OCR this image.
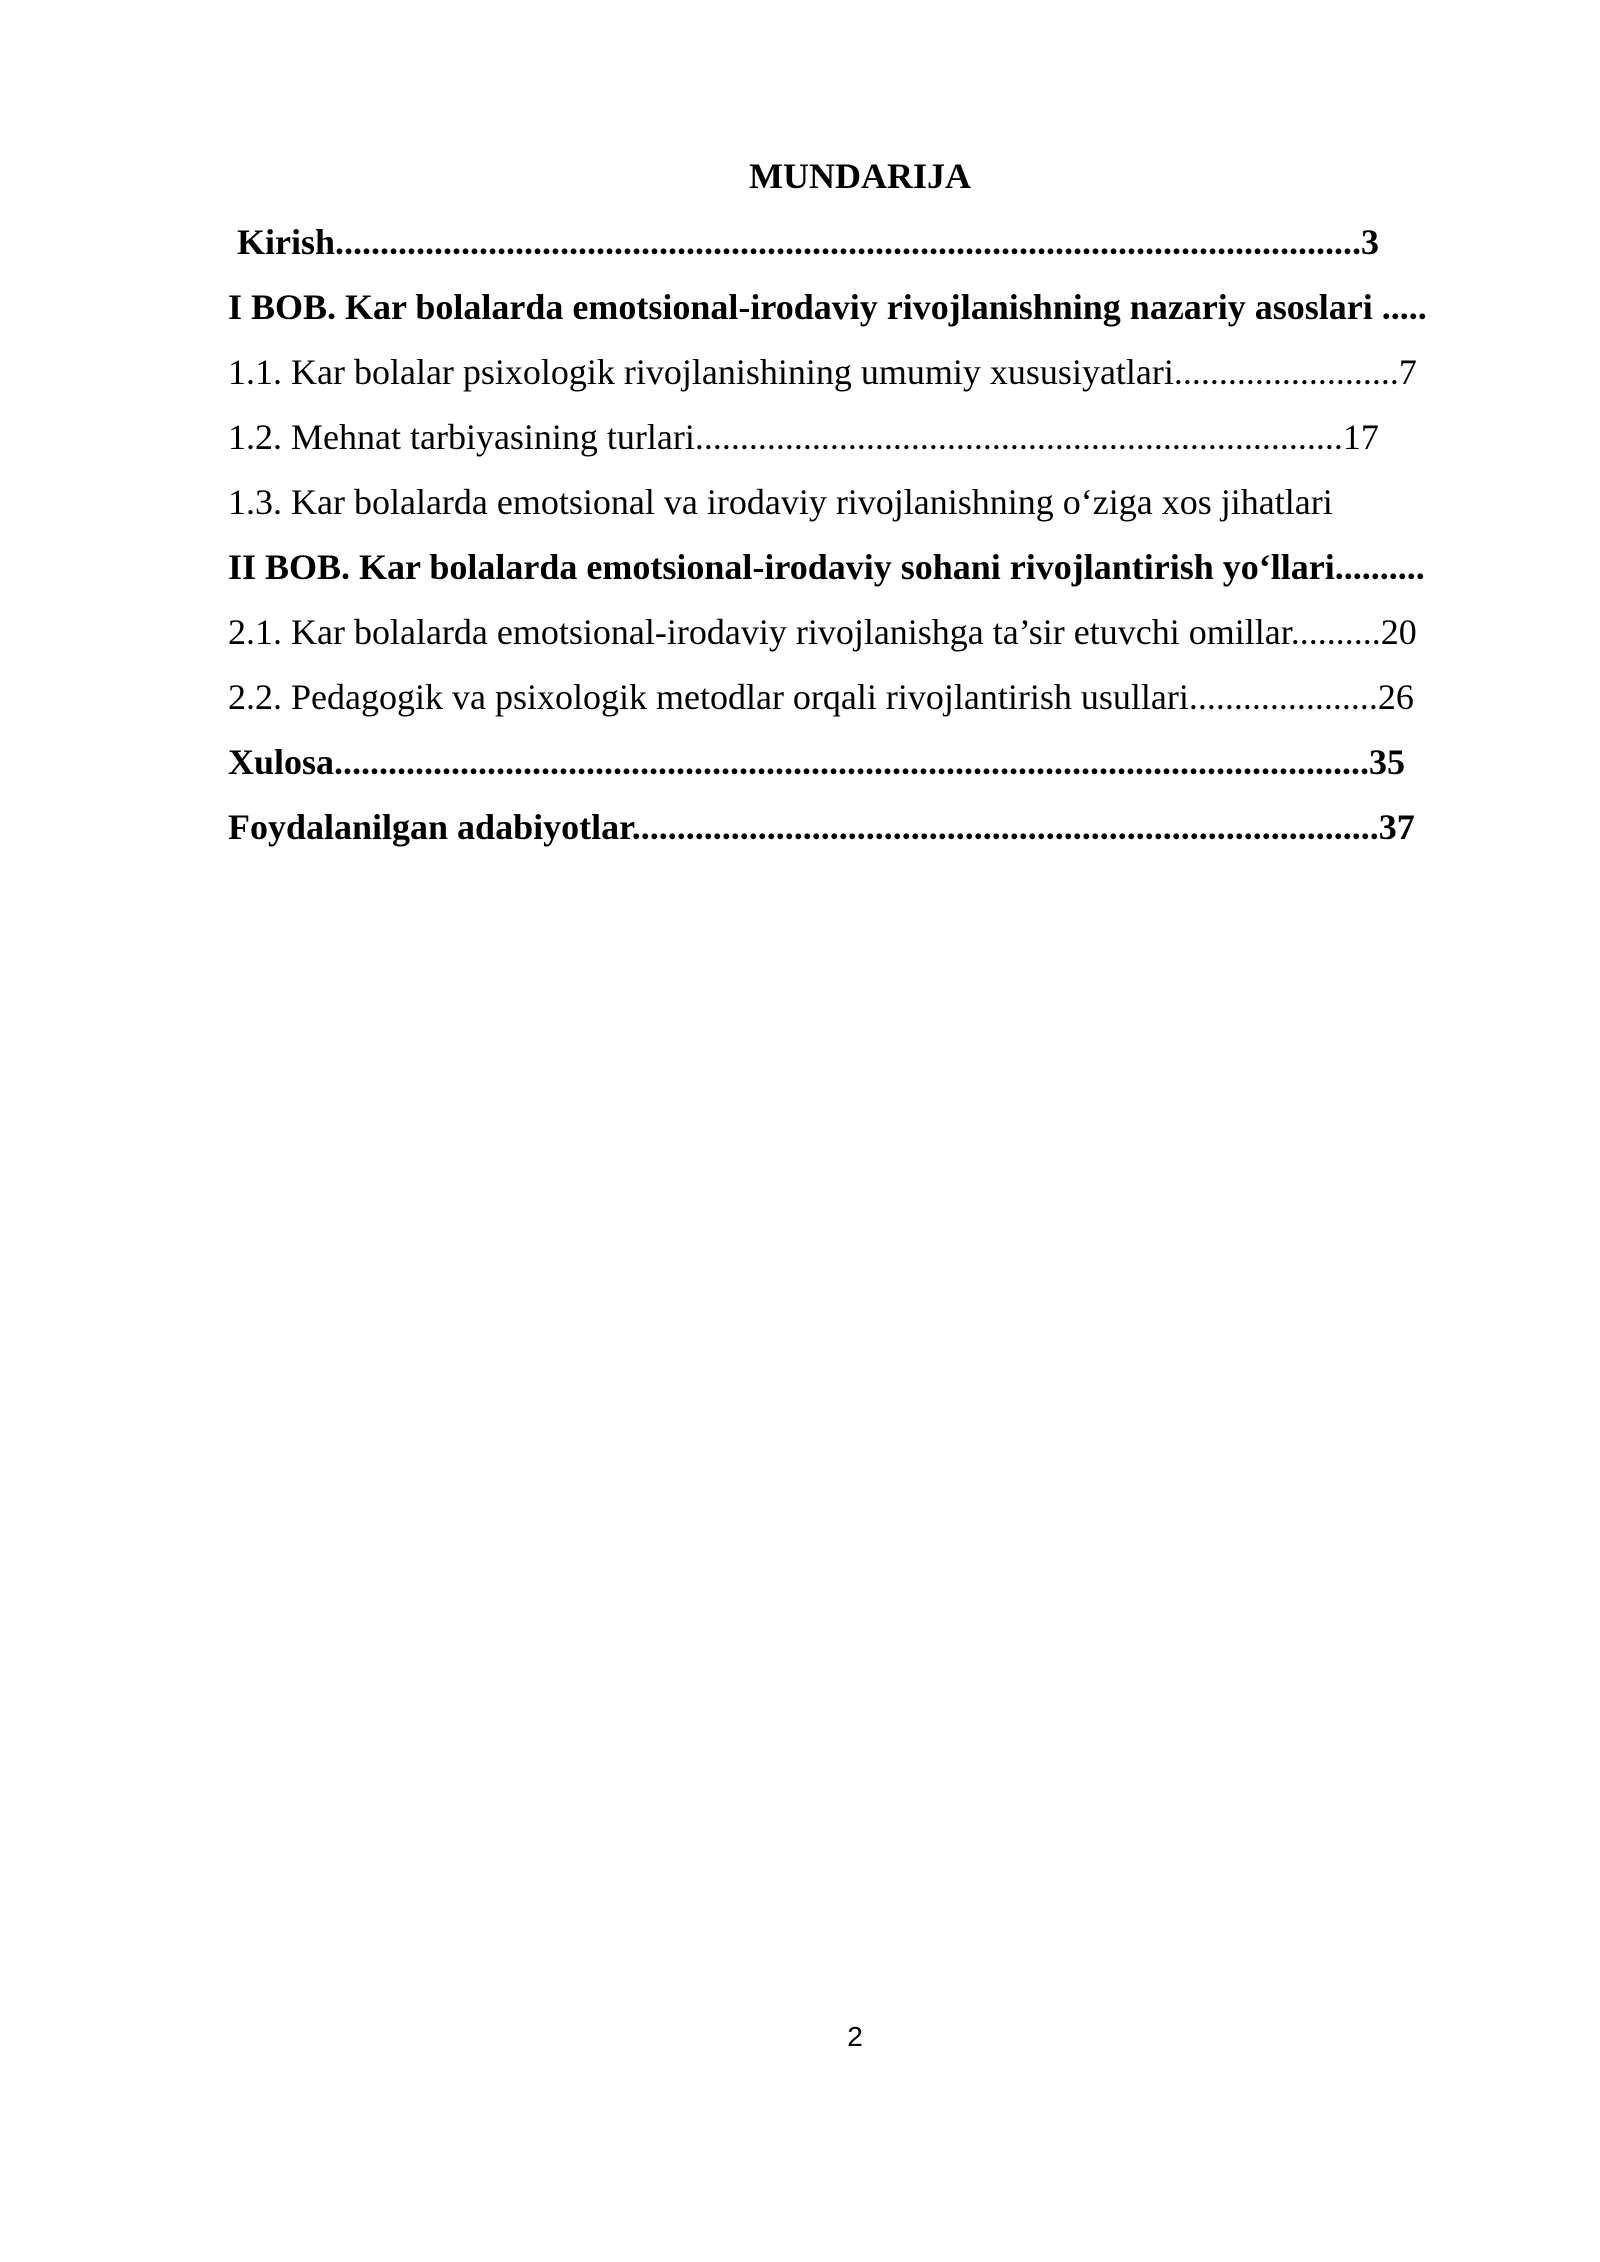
MUNDARIJA
Kirish..................................................................................................................3
I BOB. Kar bolalarda emotsional-irodaviy rivojlanishning nazariy asoslari .....
1.1. Kar bolalar psixologik rivojlanishining umumiy xususiyatlari.........................7
1.2. Mehnat tarbiyasining turlari........................................................................17
1.3. Kar bolalarda emotsional va irodaviy rivojlanishning o‘ziga xos jihatlari
II BOB. Kar bolalarda emotsional-irodaviy sohani rivojlantirish yo‘llari..........
2.1. Kar bolalarda emotsional-irodaviy rivojlanishga ta’sir etuvchi omillar..........20
2.2. Pedagogik va psixologik metodlar orqali rivojlantirish usullari.....................26
Xulosa...................................................................................................................35
Foydalanilgan adabiyotlar...................................................................................37
2
